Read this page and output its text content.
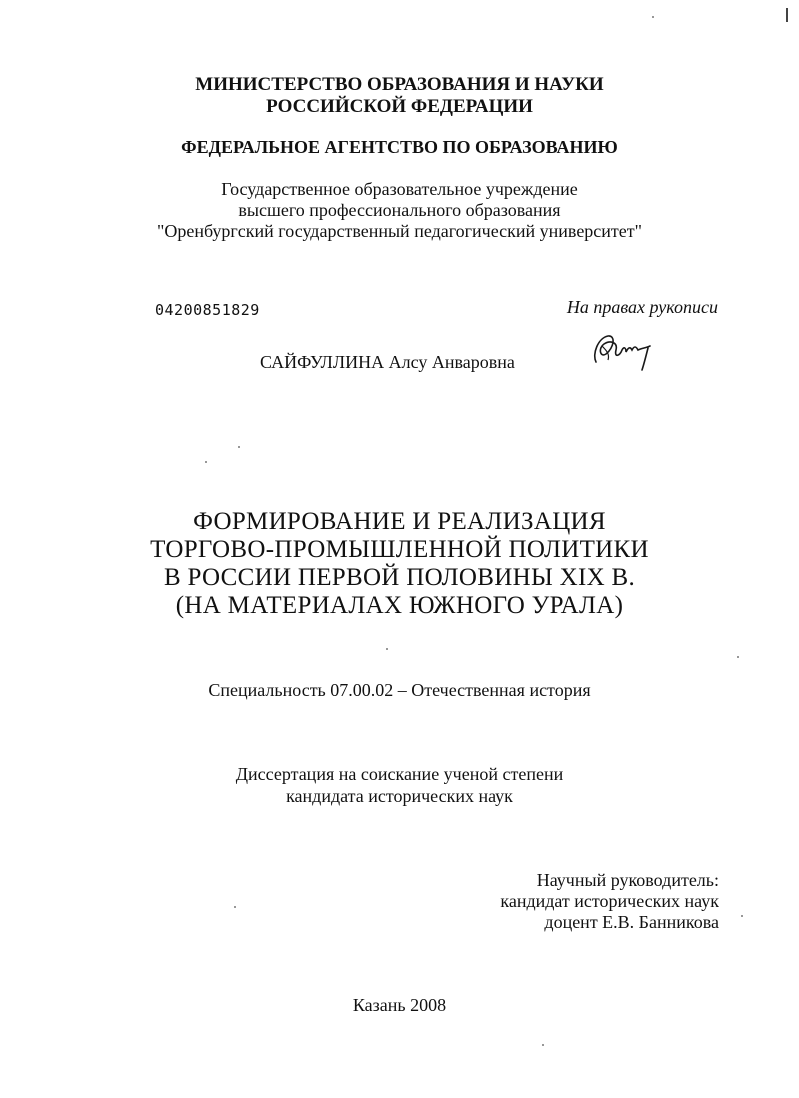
МИНИСТЕРСТВО ОБРАЗОВАНИЯ И НАУКИ
РОССИЙСКОЙ ФЕДЕРАЦИИ
ФЕДЕРАЛЬНОЕ АГЕНТСТВО ПО ОБРАЗОВАНИЮ
Государственное образовательное учреждение
высшего профессионального образования
"Оренбургский государственный педагогический университет"
04200851829	На правах рукописи
САЙФУЛЛИНА Алсу Анваровна
ФОРМИРОВАНИЕ И РЕАЛИЗАЦИЯ
ТОРГОВО-ПРОМЫШЛЕННОЙ ПОЛИТИКИ
В РОССИИ ПЕРВОЙ ПОЛОВИНЫ XIX В.
(НА МАТЕРИАЛАХ ЮЖНОГО УРАЛА)
Специальность 07.00.02 – Отечественная история
Диссертация на соискание ученой степени
кандидата исторических наук
Научный руководитель:
кандидат исторических наук
доцент Е.В. Банникова
Казань 2008
